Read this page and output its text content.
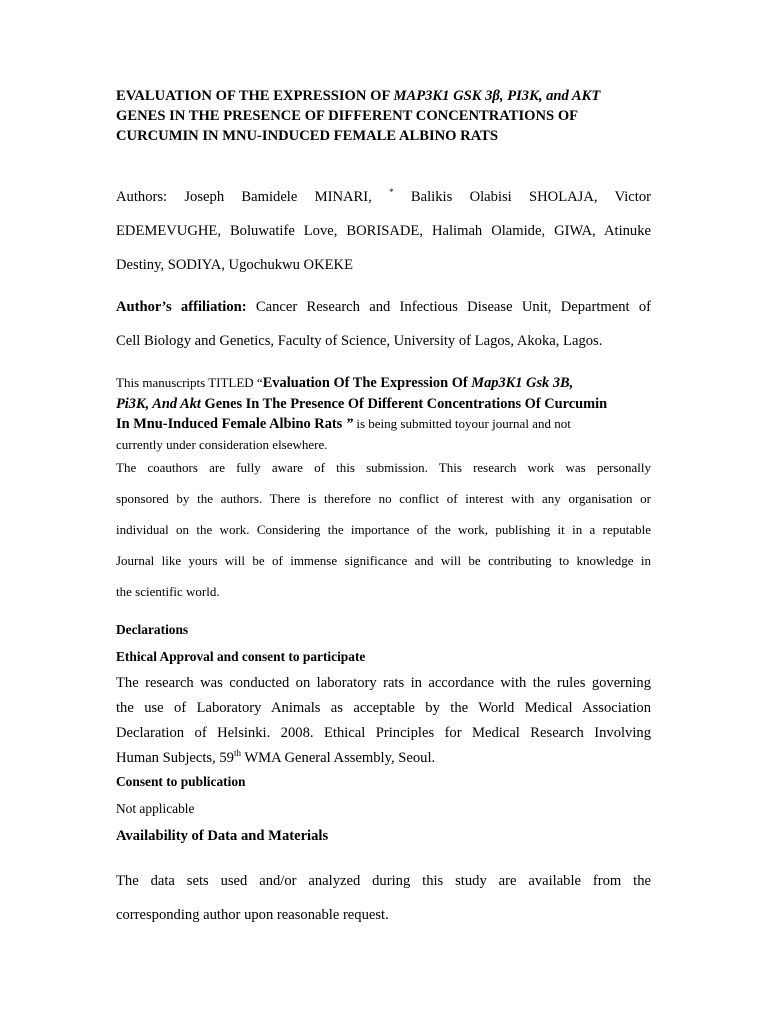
EVALUATION OF THE EXPRESSION OF MAP3K1 GSK 3β, PI3K, and AKT
GENES IN THE PRESENCE OF DIFFERENT CONCENTRATIONS OF
CURCUMIN IN MNU-INDUCED FEMALE ALBINO RATS
Authors: Joseph Bamidele MINARI, * Balikis Olabisi SHOLAJA, Victor
EDEMEVUGHE, Boluwatife Love, BORISADE, Halimah Olamide, GIWA, Atinuke
Destiny, SODIYA, Ugochukwu OKEKE
Author’s affiliation: Cancer Research and Infectious Disease Unit, Department of
Cell Biology and Genetics, Faculty of Science, University of Lagos, Akoka, Lagos.
This manuscripts TITLED “Evaluation Of The Expression Of Map3K1 Gsk 3B,
Pi3K, And Akt Genes In The Presence Of Different Concentrations Of Curcumin
In Mnu-Induced Female Albino Rats ” is being submitted toyour journal and not
currently under consideration elsewhere.
The coauthors are fully aware of this submission. This research work was personally
sponsored by the authors. There is therefore no conflict of interest with any organisation or
individual on the work. Considering the importance of the work, publishing it in a reputable
Journal like yours will be of immense significance and will be contributing to knowledge in
the scientific world.
Declarations
Ethical Approval and consent to participate
The research was conducted on laboratory rats in accordance with the rules governing
the use of Laboratory Animals as acceptable by the World Medical Association
Declaration of Helsinki. 2008. Ethical Principles for Medical Research Involving
Human Subjects, 59th WMA General Assembly, Seoul.
Consent to publication
Not applicable
Availability of Data and Materials
The data sets used and/or analyzed during this study are available from the
corresponding author upon reasonable request.
